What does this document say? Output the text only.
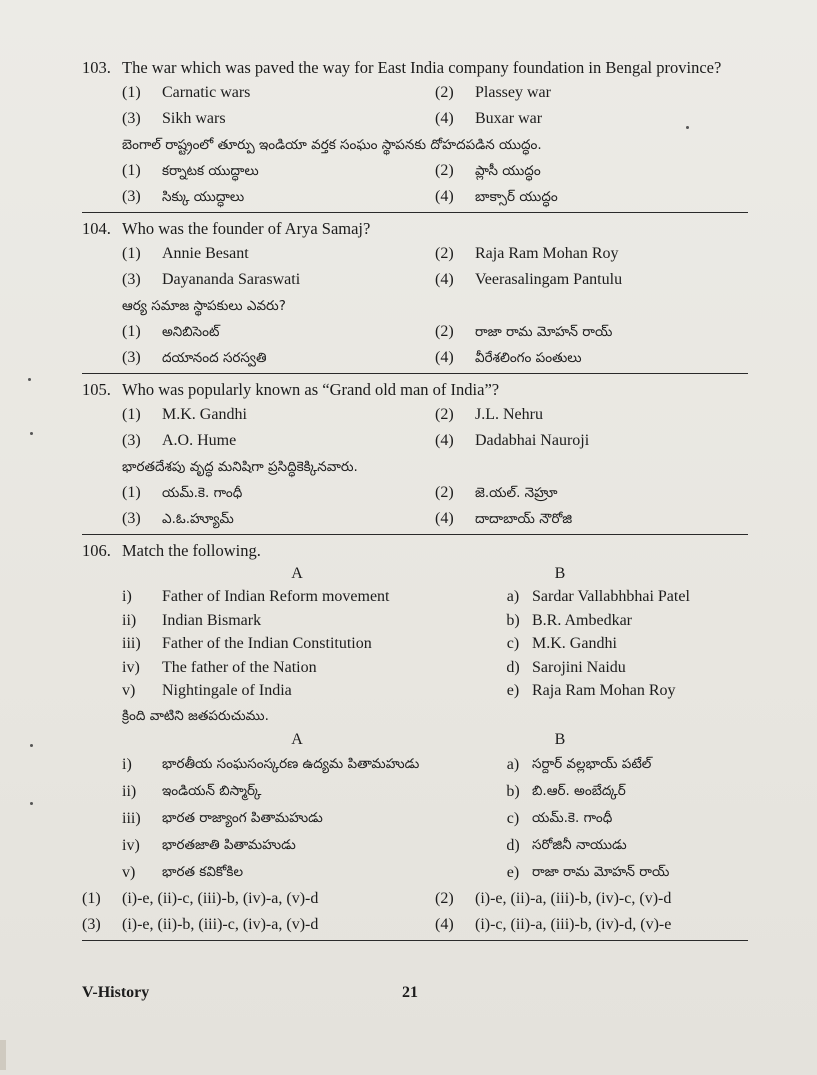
103. The war which was paved the way for East India company foundation in Bengal province?
(1)	Carnatic wars	(2)	Plassey war
(3)	Sikh wars	(4)	Buxar war
బెంగాల్ రాష్ట్రంలో తూర్పు ఇండియా వర్తక సంఘం స్థాపనకు దోహదపడిన యుద్ధం.
(1)	కర్నాటక యుద్ధాలు	(2)	ప్లాసీ యుద్ధం
(3)	సిక్కు యుద్ధాలు	(4)	బాక్సార్ యుద్ధం
104. Who was the founder of Arya Samaj?
(1)	Annie Besant	(2)	Raja Ram Mohan Roy
(3)	Dayananda Saraswati	(4)	Veerasalingam Pantulu
ఆర్య సమాజ స్థాపకులు ఎవరు?
(1)	అనిబిసెంట్	(2)	రాజా రామ మోహన్ రాయ్
(3)	దయానంద సరస్వతి	(4)	వీరేశలింగం పంతులు
105. Who was popularly known as “Grand old man of India”?
(1)	M.K. Gandhi	(2)	J.L. Nehru
(3)	A.O. Hume	(4)	Dadabhai Nauroji
భారతదేశపు వృద్ధ మనిషిగా ప్రసిద్ధికెక్కినవారు.
(1)	యమ్.కె. గాంధీ	(2)	జె.యల్. నెహ్రూ
(3)	ఎ.ఓ.హ్యూమ్	(4)	దాదాబాయ్ నౌరోజి
106. Match the following.
A	B
i)	Father of Indian Reform movement	a) Sardar Vallabhbhai Patel
ii)	Indian Bismark	b) B.R. Ambedkar
iii)	Father of the Indian Constitution	c) M.K. Gandhi
iv)	The father of the Nation	d) Sarojini Naidu
v)	Nightingale of India	e) Raja Ram Mohan Roy
క్రింది వాటిని జతపరుచుము.
A	B
i)	భారతీయ సంఘసంస్కరణ ఉద్యమ పితామహుడు	a) సర్దార్ వల్లభాయ్ పటేల్
ii)	ఇండియన్ బిస్మార్క్	b) బి.ఆర్. అంబేద్కర్
iii)	భారత రాజ్యాంగ పితామహుడు	c) యమ్.కె. గాంధీ
iv)	భారతజాతి పితామహుడు	d) సరోజినీ నాయుడు
v)	భారత కవికోకిల	e) రాజా రామ మోహన్ రాయ్
(1)	(i)-e, (ii)-c, (iii)-b, (iv)-a, (v)-d	(2)	(i)-e, (ii)-a, (iii)-b, (iv)-c, (v)-d
(3)	(i)-e, (ii)-b, (iii)-c, (iv)-a, (v)-d	(4)	(i)-c, (ii)-a, (iii)-b, (iv)-d, (v)-e
V-History	21
